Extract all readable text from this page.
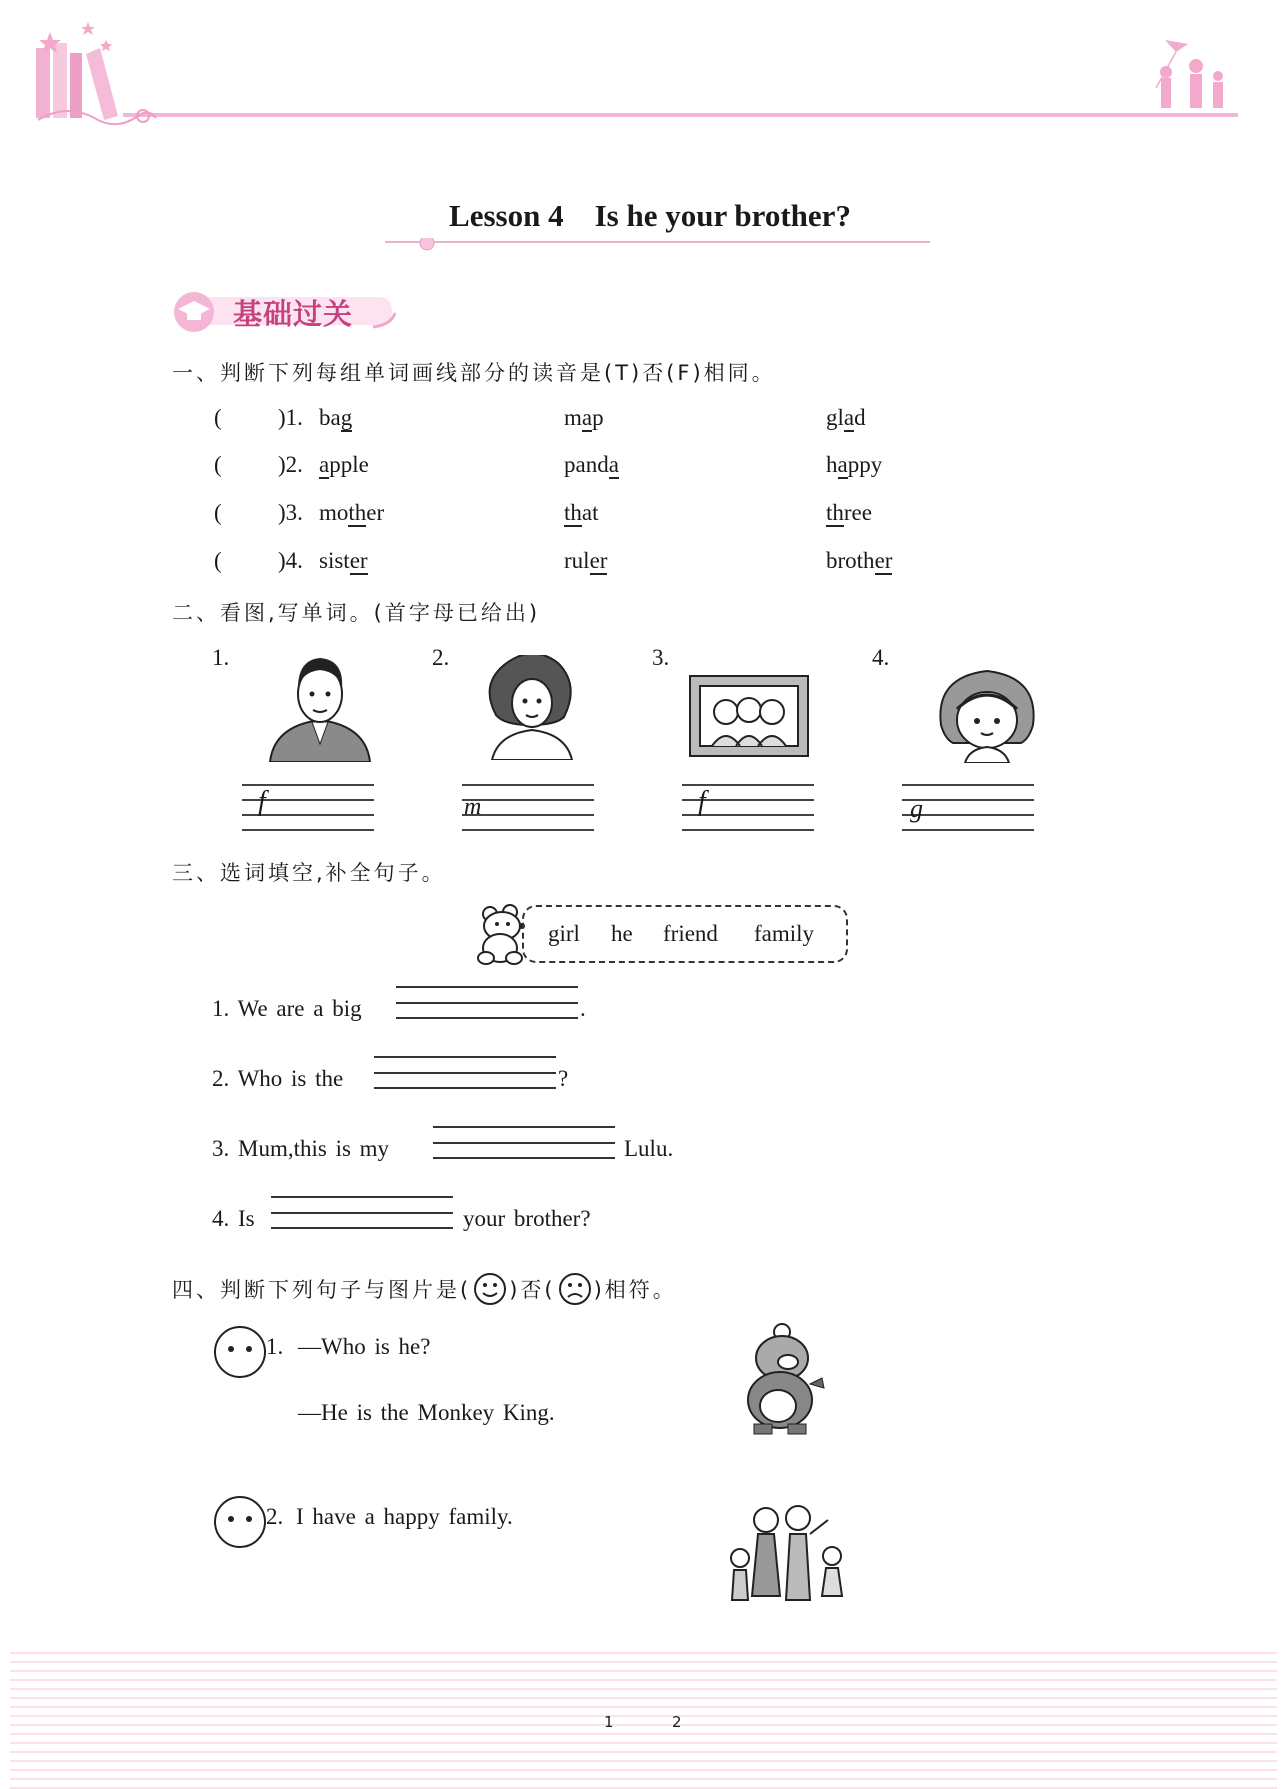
Lesson 4    Is he your brother?
基础过关
一、判断下列每组单词画线部分的读音是(T)否(F)相同。
( )1. bag	map	glad
( )2. apple	panda	happy
( )3. mother	that	three
( )4. sister	ruler	brother
二、看图,写单词。(首字母已给出)
1.	2.	3.	4.
f	m	f	g
三、选词填空,补全句子。
girl he friend family
1. We are a big	.
2. Who is the	?
3. Mum,this is my	Lulu.
4. Is	your brother?
四、判断下列句子与图片是( )否( )相符。
1. —Who is he?
—He is the Monkey King.
2. I have a happy family.
1	2
